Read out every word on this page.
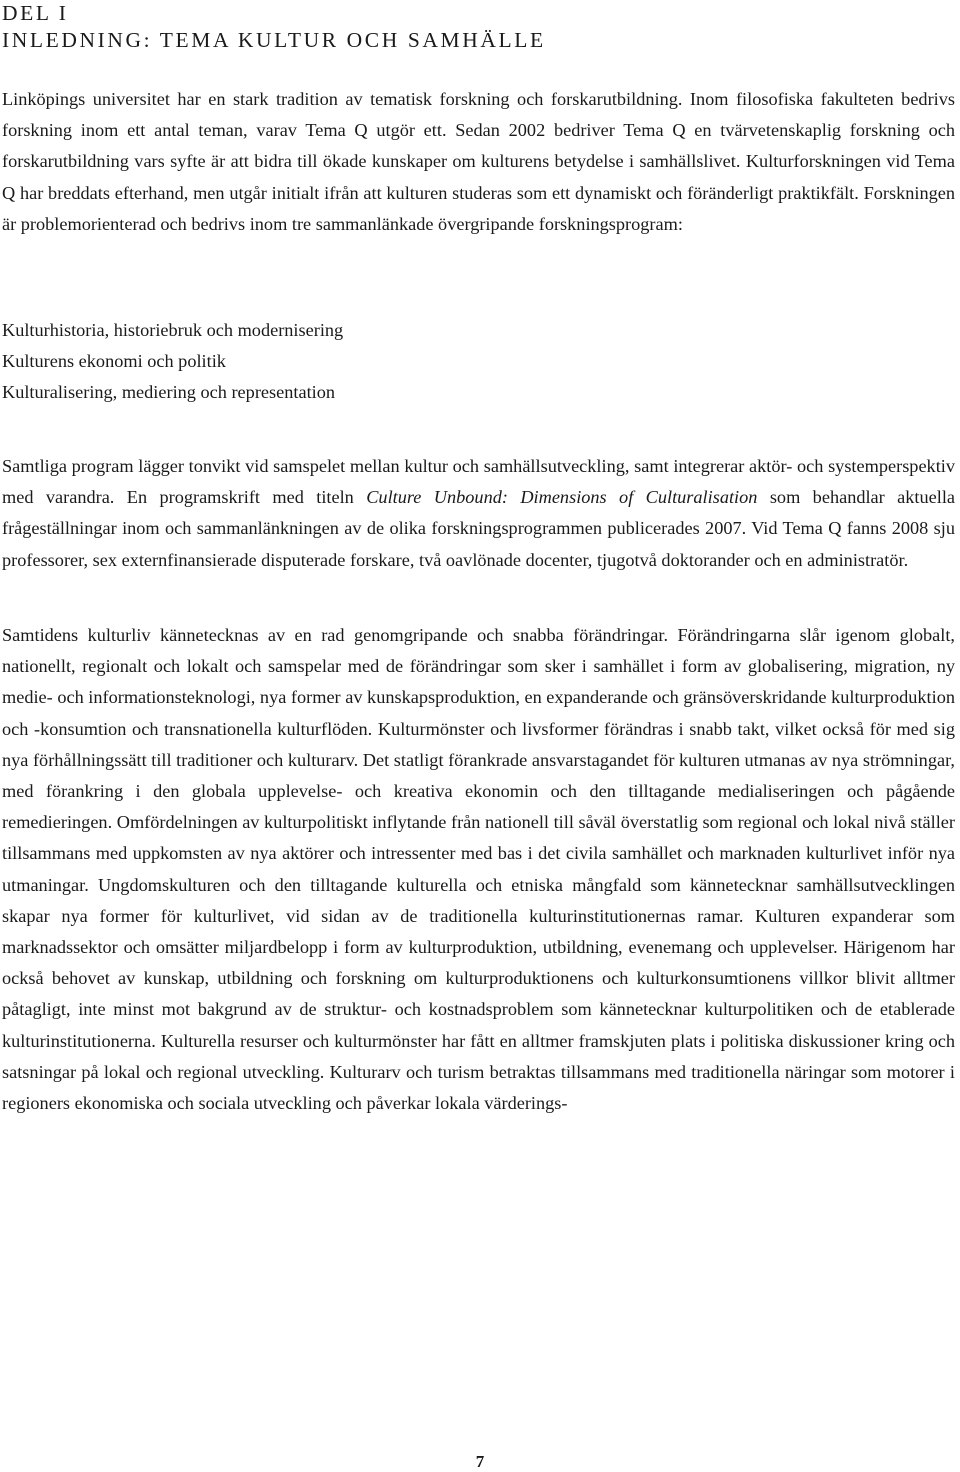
DEL I
INLEDNING: TEMA KULTUR OCH SAMHÄLLE

Linköpings universitet har en stark tradition av tematisk forskning och forskarutbildning. Inom filosofiska fakulteten bedrivs forskning inom ett antal teman, varav Tema Q utgör ett. Sedan 2002 bedriver Tema Q en tvärvetenskaplig forskning och forskarutbildning vars syfte är att bidra till ökade kunskaper om kulturens betydelse i samhällslivet. Kulturforskningen vid Tema Q har breddats efterhand, men utgår initialt ifrån att kulturen studeras som ett dynamiskt och föränderligt praktikfält. Forskningen är problemorienterad och bedrivs inom tre sammanlänkade övergripande forskningsprogram:

Kulturhistoria, historiebruk och modernisering
Kulturens ekonomi och politik
Kulturalisering, mediering och representation

Samtliga program lägger tonvikt vid samspelet mellan kultur och samhällsutveckling, samt integrerar aktör- och systemperspektiv med varandra. En programskrift med titeln Culture Unbound: Dimensions of Culturalisation som behandlar aktuella frågeställningar inom och sammanlänkningen av de olika forskningsprogrammen publicerades 2007. Vid Tema Q fanns 2008 sju professorer, sex externfinansierade disputerade forskare, två oavlönade docenter, tjugotvå doktorander och en administratör.

Samtidens kulturliv kännetecknas av en rad genomgripande och snabba förändringar. Förändringarna slår igenom globalt, nationellt, regionalt och lokalt och samspelar med de förändringar som sker i samhället i form av globalisering, migration, ny medie- och informationsteknologi, nya former av kunskapsproduktion, en expanderande och gränsöverskridande kulturproduktion och -konsumtion och transnationella kulturflöden. Kulturmönster och livsformer förändras i snabb takt, vilket också för med sig nya förhållningssätt till traditioner och kulturarv. Det statligt förankrade ansvarstagandet för kulturen utmanas av nya strömningar, med förankring i den globala upplevelse- och kreativa ekonomin och den tilltagande medialiseringen och pågående remedieringen. Omfördelningen av kulturpolitiskt inflytande från nationell till såväl överstatlig som regional och lokal nivå ställer tillsammans med uppkomsten av nya aktörer och intressenter med bas i det civila samhället och marknaden kulturlivet inför nya utmaningar. Ungdomskulturen och den tilltagande kulturella och etniska mångfald som kännetecknar samhällsutvecklingen skapar nya former för kulturlivet, vid sidan av de traditionella kulturinstitutionernas ramar. Kulturen expanderar som marknadssektor och omsätter miljardbelopp i form av kulturproduktion, utbildning, evenemang och upplevelser. Härigenom har också behovet av kunskap, utbildning och forskning om kulturproduktionens och kulturkonsumtionens villkor blivit alltmer påtagligt, inte minst mot bakgrund av de struktur- och kostnadsproblem som kännetecknar kulturpolitiken och de etablerade kulturinstitutionerna. Kulturella resurser och kulturmönster har fått en alltmer framskjuten plats i politiska diskussioner kring och satsningar på lokal och regional utveckling. Kulturarv och turism betraktas tillsammans med traditionella näringar som motorer i regioners ekonomiska och sociala utveckling och påverkar lokala värderings-

7
